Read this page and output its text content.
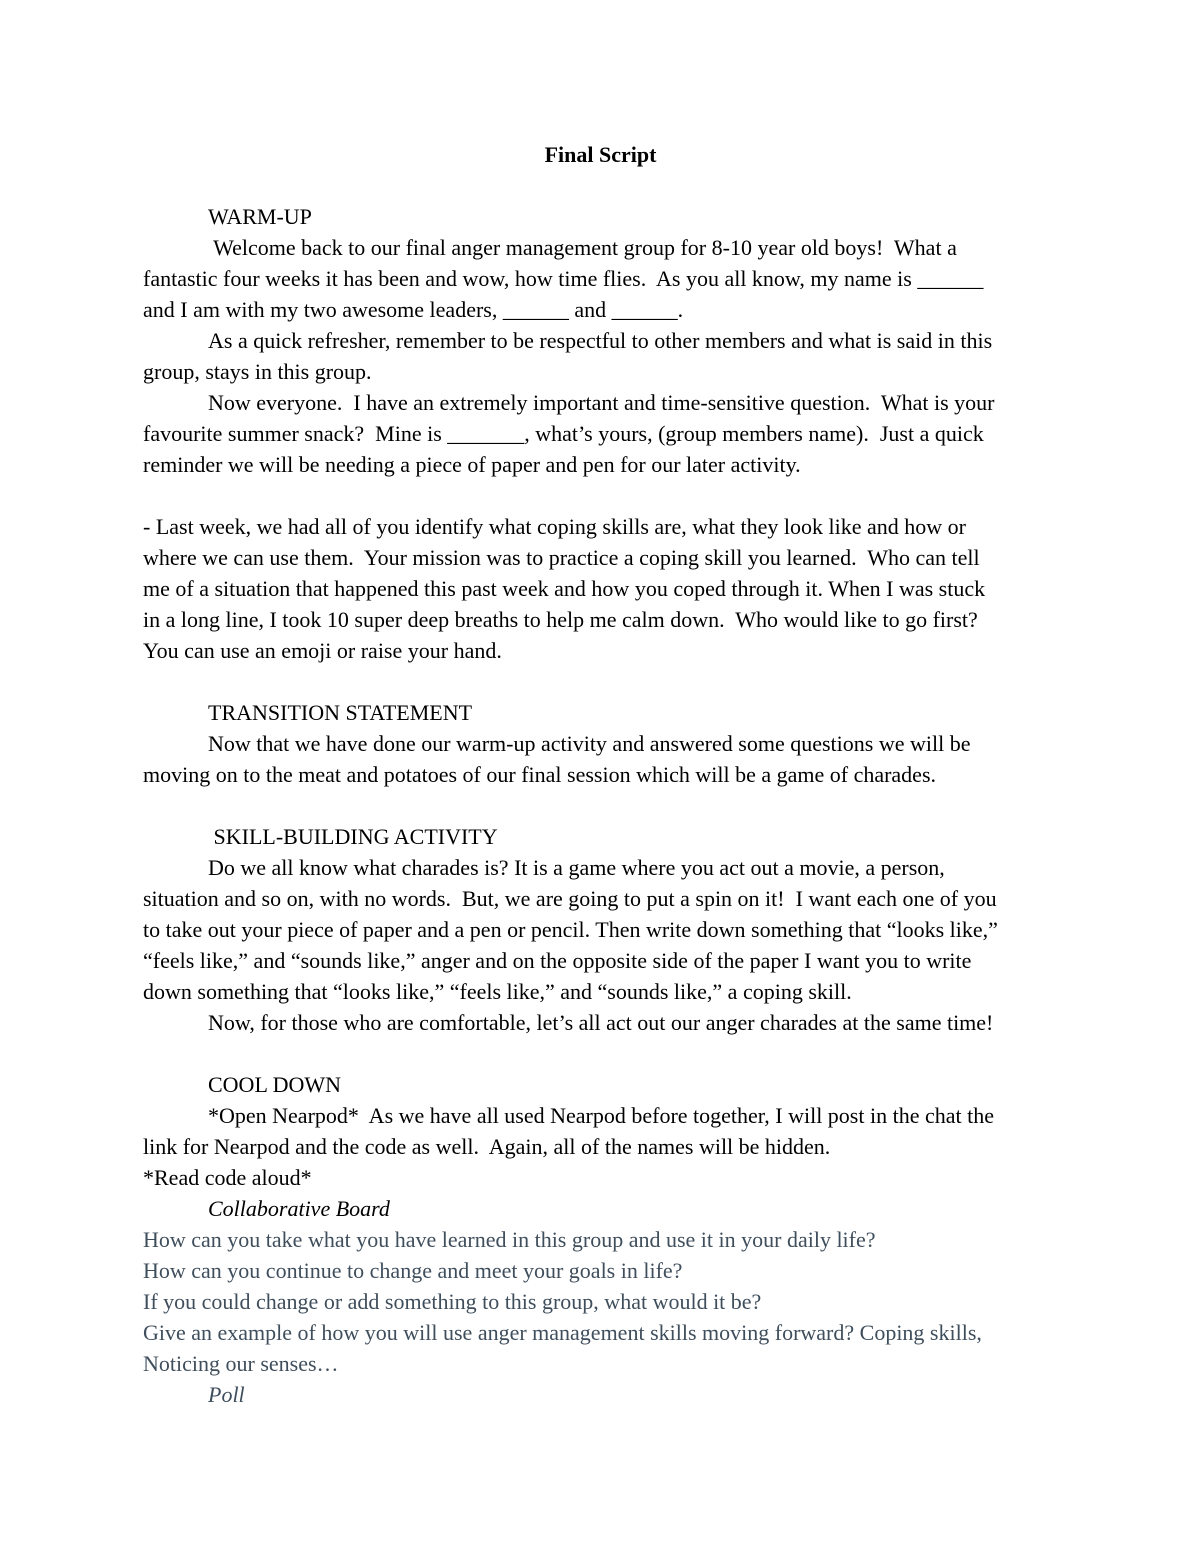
Final Script
WARM-UP
Welcome back to our final anger management group for 8-10 year old boys!  What a
fantastic four weeks it has been and wow, how time flies.  As you all know, my name is ______
and I am with my two awesome leaders, ______ and ______.
As a quick refresher, remember to be respectful to other members and what is said in this
group, stays in this group.
Now everyone.  I have an extremely important and time-sensitive question.  What is your
favourite summer snack?  Mine is _______, what’s yours, (group members name).  Just a quick
reminder we will be needing a piece of paper and pen for our later activity.
- Last week, we had all of you identify what coping skills are, what they look like and how or
where we can use them.  Your mission was to practice a coping skill you learned.  Who can tell
me of a situation that happened this past week and how you coped through it. When I was stuck
in a long line, I took 10 super deep breaths to help me calm down.  Who would like to go first?
You can use an emoji or raise your hand.
TRANSITION STATEMENT
Now that we have done our warm-up activity and answered some questions we will be
moving on to the meat and potatoes of our final session which will be a game of charades.
SKILL-BUILDING ACTIVITY
Do we all know what charades is? It is a game where you act out a movie, a person,
situation and so on, with no words.  But, we are going to put a spin on it!  I want each one of you
to take out your piece of paper and a pen or pencil. Then write down something that “looks like,”
“feels like,” and “sounds like,” anger and on the opposite side of the paper I want you to write
down something that “looks like,” “feels like,” and “sounds like,” a coping skill.
Now, for those who are comfortable, let’s all act out our anger charades at the same time!
COOL DOWN
*Open Nearpod*  As we have all used Nearpod before together, I will post in the chat the
link for Nearpod and the code as well.  Again, all of the names will be hidden.
*Read code aloud*
Collaborative Board
How can you take what you have learned in this group and use it in your daily life?
How can you continue to change and meet your goals in life?
If you could change or add something to this group, what would it be?
Give an example of how you will use anger management skills moving forward? Coping skills,
Noticing our senses…
Poll
